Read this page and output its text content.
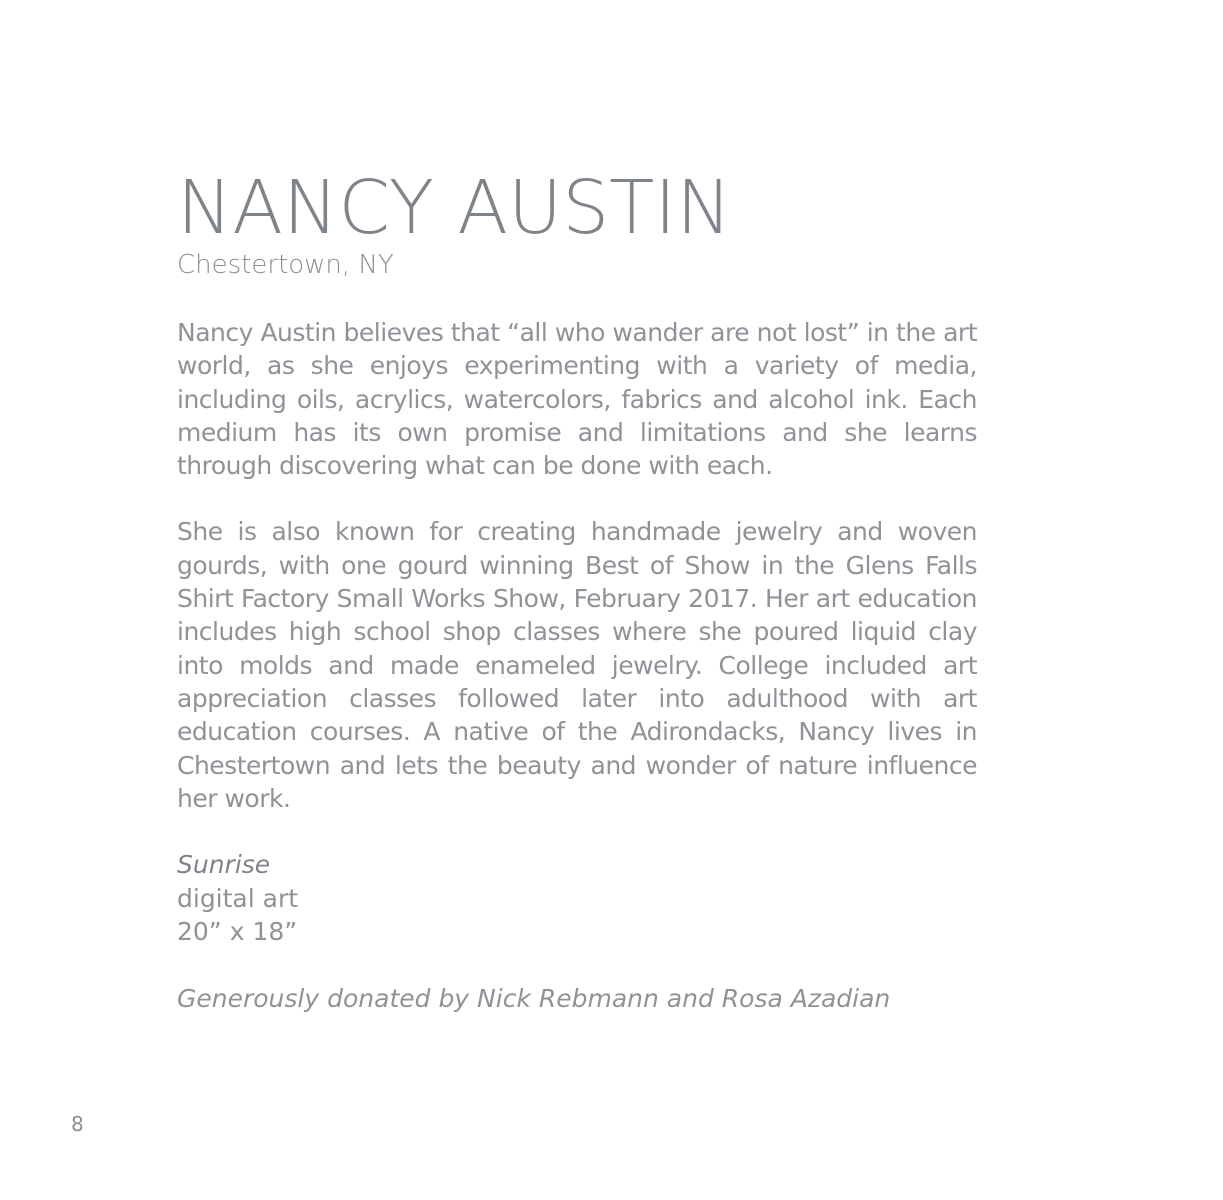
NANCY AUSTIN
Chestertown, NY

Nancy Austin believes that “all who wander are not lost” in the art world, as she enjoys experimenting with a variety of media, including oils, acrylics, watercolors, fabrics and alcohol ink. Each medium has its own promise and limitations and she learns through discovering what can be done with each.

She is also known for creating handmade jewelry and woven gourds, with one gourd winning Best of Show in the Glens Falls Shirt Factory Small Works Show, February 2017. Her art education includes high school shop classes where she poured liquid clay into molds and made enameled jewelry. College included art appreciation classes followed later into adulthood with art education courses. A native of the Adirondacks, Nancy lives in Chestertown and lets the beauty and wonder of nature influence her work.

Sunrise
digital art
20” x 18”
Generously donated by Nick Rebmann and Rosa Azadian
8
